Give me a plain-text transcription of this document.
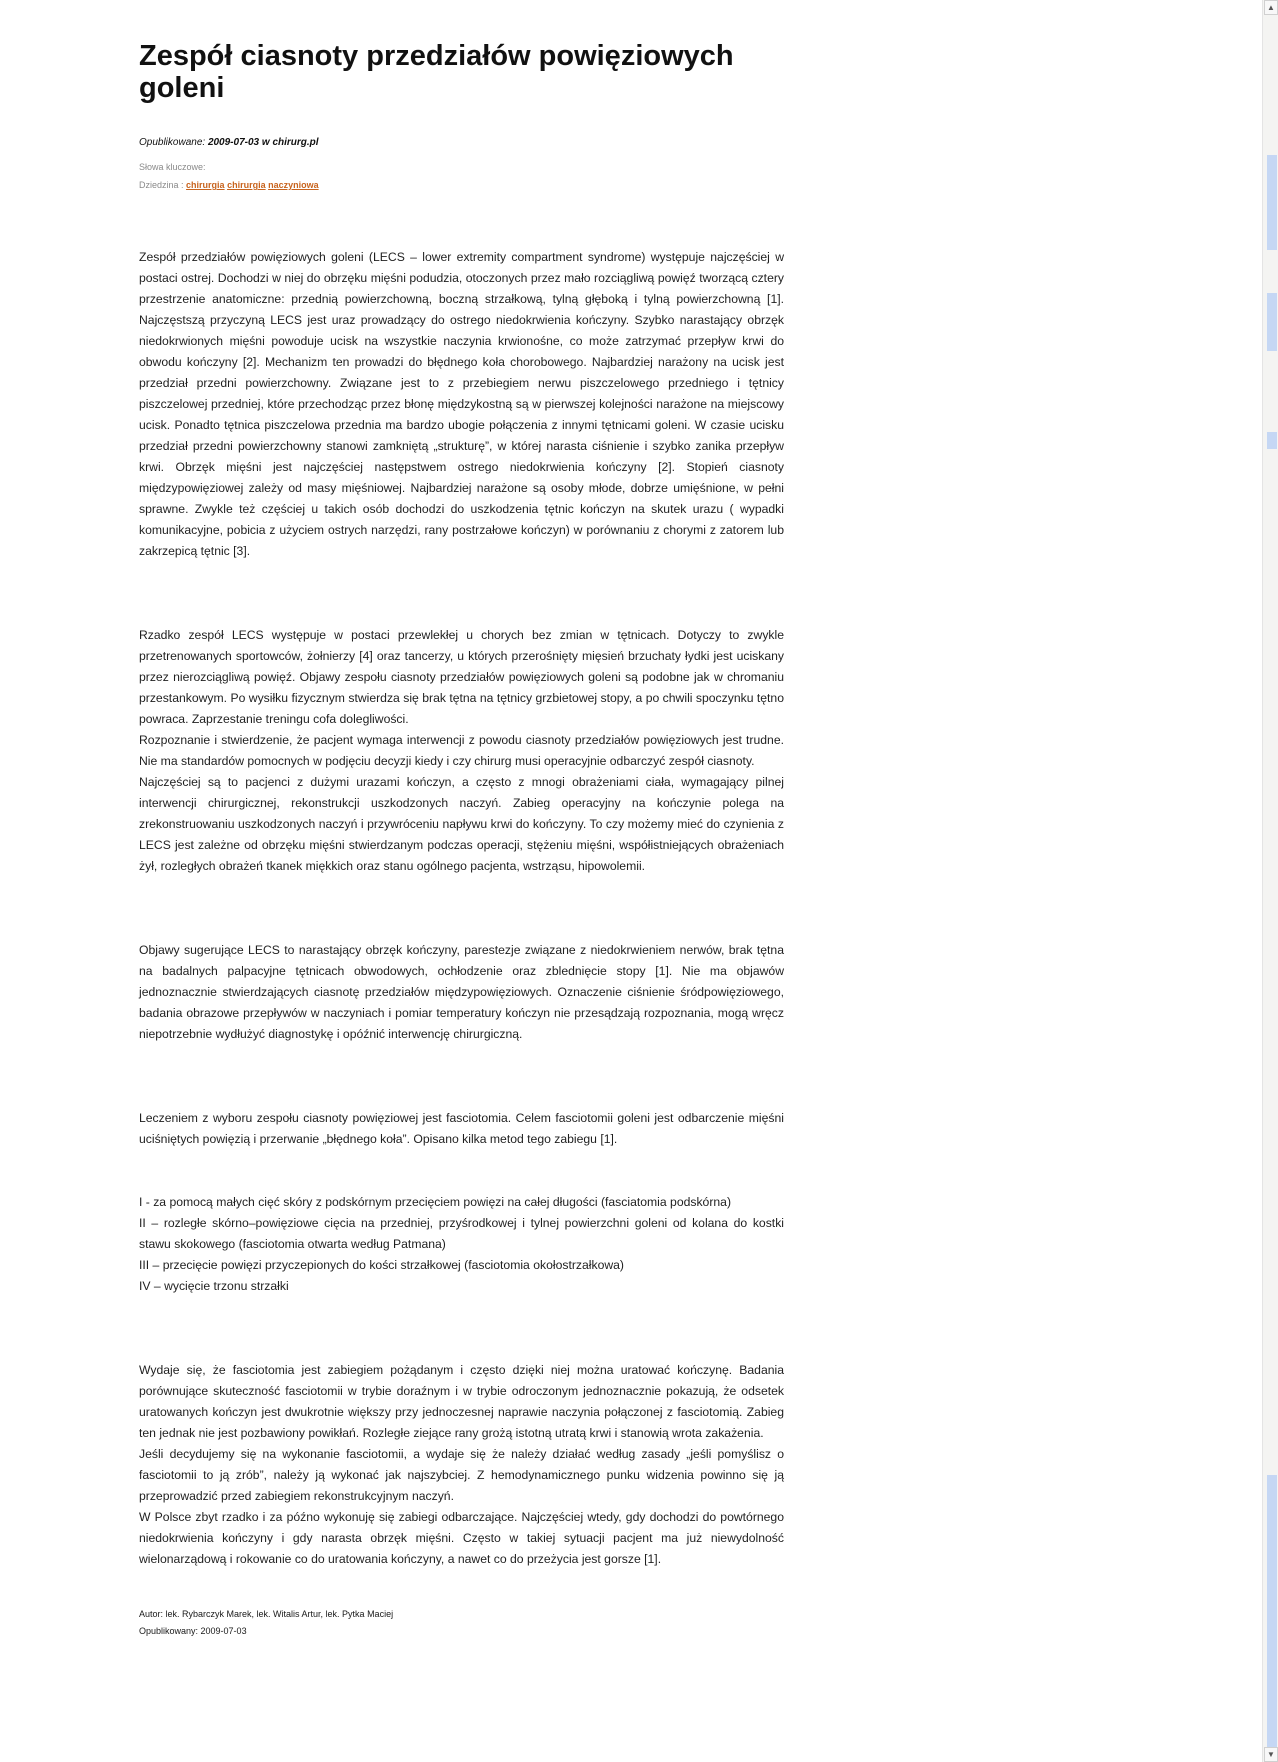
Zespół ciasnoty przedziałów powięziowych goleni
Opublikowane: 2009-07-03 w chirurg.pl
Słowa kluczowe:
Dziedzina : chirurgia chirurgia naczyniowa

Zespół przedziałów powięziowych goleni (LECS – lower extremity compartment syndrome) występuje najczęściej w postaci ostrej. Dochodzi w niej do obrzęku mięśni podudzia, otoczonych przez mało rozciągliwą powięź tworzącą cztery przestrzenie anatomiczne: przednią powierzchowną, boczną strzałkową, tylną głęboką i tylną powierzchowną [1]. Najczęstszą przyczyną LECS jest uraz prowadzący do ostrego niedokrwienia kończyny. Szybko narastający obrzęk niedokrwionych mięśni powoduje ucisk na wszystkie naczynia krwionośne, co może zatrzymać przepływ krwi do obwodu kończyny [2]. Mechanizm ten prowadzi do błędnego koła chorobowego. Najbardziej narażony na ucisk jest przedział przedni powierzchowny. Związane jest to z przebiegiem nerwu piszczelowego przedniego i tętnicy piszczelowej przedniej, które przechodząc przez błonę międzykostną są w pierwszej kolejności narażone na miejscowy ucisk. Ponadto tętnica piszczelowa przednia ma bardzo ubogie połączenia z innymi tętnicami goleni. W czasie ucisku przedział przedni powierzchowny stanowi zamkniętą „strukturę”, w której narasta ciśnienie i szybko zanika przepływ krwi. Obrzęk mięśni jest najczęściej następstwem ostrego niedokrwienia kończyny [2]. Stopień ciasnoty międzypowięziowej zależy od masy mięśniowej. Najbardziej narażone są osoby młode, dobrze umięśnione, w pełni sprawne. Zwykle też częściej u takich osób dochodzi do uszkodzenia tętnic kończyn na skutek urazu ( wypadki komunikacyjne, pobicia z użyciem ostrych narzędzi, rany postrzałowe kończyn) w porównaniu z chorymi z zatorem lub zakrzepicą tętnic [3].

Rzadko zespół LECS występuje w postaci przewlekłej u chorych bez zmian w tętnicach. Dotyczy to zwykle przetrenowanych sportowców, żołnierzy [4] oraz tancerzy, u których przerośnięty mięsień brzuchaty łydki jest uciskany przez nierozciągliwą powięź. Objawy zespołu ciasnoty przedziałów powięziowych goleni są podobne jak w chromaniu przestankowym. Po wysiłku fizycznym stwierdza się brak tętna na tętnicy grzbietowej stopy, a po chwili spoczynku tętno powraca. Zaprzestanie treningu cofa dolegliwości.

Rozpoznanie i stwierdzenie, że pacjent wymaga interwencji z powodu ciasnoty przedziałów powięziowych jest trudne. Nie ma standardów pomocnych w podjęciu decyzji kiedy i czy chirurg musi operacyjnie odbarczyć zespół ciasnoty.

Najczęściej są to pacjenci z dużymi urazami kończyn, a często z mnogi obrażeniami ciała, wymagający pilnej interwencji chirurgicznej, rekonstrukcji uszkodzonych naczyń. Zabieg operacyjny na kończynie polega na zrekonstruowaniu uszkodzonych naczyń i przywróceniu napływu krwi do kończyny. To czy możemy mieć do czynienia z LECS jest zależne od obrzęku mięśni stwierdzanym podczas operacji, stężeniu mięśni, współistniejących obrażeniach żył, rozległych obrażeń tkanek miękkich oraz stanu ogólnego pacjenta, wstrząsu, hipowolemii.

Objawy sugerujące LECS to narastający obrzęk kończyny, parestezje związane z niedokrwieniem nerwów, brak tętna na badalnych palpacyjne tętnicach obwodowych, ochłodzenie oraz zblednięcie stopy [1]. Nie ma objawów jednoznacznie stwierdzających ciasnotę przedziałów międzypowięziowych. Oznaczenie ciśnienie śródpowięziowego, badania obrazowe przepływów w naczyniach i pomiar temperatury kończyn nie przesądzają rozpoznania, mogą wręcz niepotrzebnie wydłużyć diagnostykę i opóźnić interwencję chirurgiczną.

Leczeniem z wyboru zespołu ciasnoty powięziowej jest fasciotomia. Celem fasciotomii goleni jest odbarczenie mięśni uciśniętych powięzią i przerwanie „błędnego koła”. Opisano kilka metod tego zabiegu [1].

I - za pomocą małych cięć skóry z podskórnym przecięciem powięzi na całej długości (fasciatomia podskórna)

II – rozległe skórno–powięziowe cięcia na przedniej, przyśrodkowej i tylnej powierzchni goleni od kolana do kostki stawu skokowego (fasciotomia otwarta według Patmana)

III – przecięcie powięzi przyczepionych do kości strzałkowej (fasciotomia okołostrzałkowa)

IV – wycięcie trzonu strzałki

Wydaje się, że fasciotomia jest zabiegiem pożądanym i często dzięki niej można uratować kończynę. Badania porównujące skuteczność fasciotomii w trybie doraźnym i w trybie odroczonym jednoznacznie pokazują, że odsetek uratowanych kończyn jest dwukrotnie większy przy jednoczesnej naprawie naczynia połączonej z fasciotomią. Zabieg ten jednak nie jest pozbawiony powikłań. Rozległe ziejące rany grożą istotną utratą krwi i stanowią wrota zakażenia.

Jeśli decydujemy się na wykonanie fasciotomii, a wydaje się że należy działać według zasady „jeśli pomyślisz o fasciotomii to ją zrób”, należy ją wykonać jak najszybciej. Z hemodynamicznego punku widzenia powinno się ją przeprowadzić przed zabiegiem rekonstrukcyjnym naczyń.

W Polsce zbyt rzadko i za późno wykonuję się zabiegi odbarczające. Najczęściej wtedy, gdy dochodzi do powtórnego niedokrwienia kończyny i gdy narasta obrzęk mięśni. Często w takiej sytuacji pacjent ma już niewydolność wielonarządową i rokowanie co do uratowania kończyny, a nawet co do przeżycia jest gorsze [1].

Autor: lek. Rybarczyk Marek, lek. Witalis Artur, lek. Pytka Maciej
Opublikowany: 2009-07-03
▲
▼
